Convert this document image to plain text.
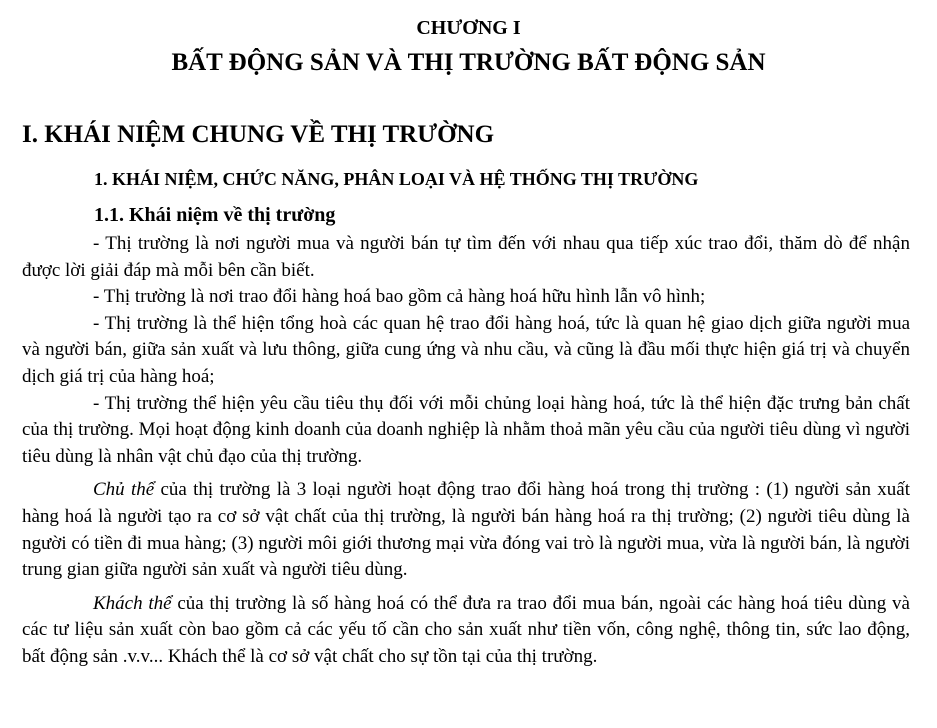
CHƯƠNG I
BẤT ĐỘNG SẢN VÀ THỊ TRƯỜNG BẤT ĐỘNG SẢN
I. KHÁI NIỆM CHUNG VỀ THỊ TRƯỜNG
1. KHÁI NIỆM, CHỨC NĂNG, PHÂN LOẠI VÀ HỆ THỐNG THỊ TRƯỜNG
1.1. Khái niệm về thị trường

- Thị trường là nơi người mua và người bán tự tìm đến với nhau qua tiếp xúc trao đổi, thăm dò để nhận được lời giải đáp mà mỗi bên cần biết.

- Thị trường là nơi trao đổi hàng hoá bao gồm cả hàng hoá hữu hình lẫn vô hình;

- Thị trường là thể hiện tổng hoà các quan hệ trao đổi hàng hoá, tức là quan hệ giao dịch giữa người mua và người bán, giữa sản xuất và lưu thông, giữa cung ứng và nhu cầu, và cũng là đầu mối thực hiện giá trị và chuyển dịch giá trị của hàng hoá;

- Thị trường thể hiện yêu cầu tiêu thụ đối với mỗi chủng loại hàng hoá, tức là thể hiện đặc trưng bản chất của thị trường. Mọi hoạt động kinh doanh của doanh nghiệp là nhằm thoả mãn yêu cầu của người tiêu dùng vì người tiêu dùng là nhân vật chủ đạo của thị trường.

Chủ thể của thị trường là 3 loại người hoạt động trao đổi hàng hoá trong thị trường : (1) người sản xuất hàng hoá là người tạo ra cơ sở vật chất của thị trường, là người bán hàng hoá ra thị trường; (2) người tiêu dùng là người có tiền đi mua hàng; (3) người môi giới thương mại vừa đóng vai trò là người mua, vừa là người bán, là người trung gian giữa người sản xuất và người tiêu dùng.

Khách thể của thị trường là số hàng hoá có thể đưa ra trao đổi mua bán, ngoài các hàng hoá tiêu dùng và các tư liệu sản xuất còn bao gồm cả các yếu tố cần cho sản xuất như tiền vốn, công nghệ, thông tin, sức lao động, bất động sản .v.v... Khách thể là cơ sở vật chất cho sự tồn tại của thị trường.
